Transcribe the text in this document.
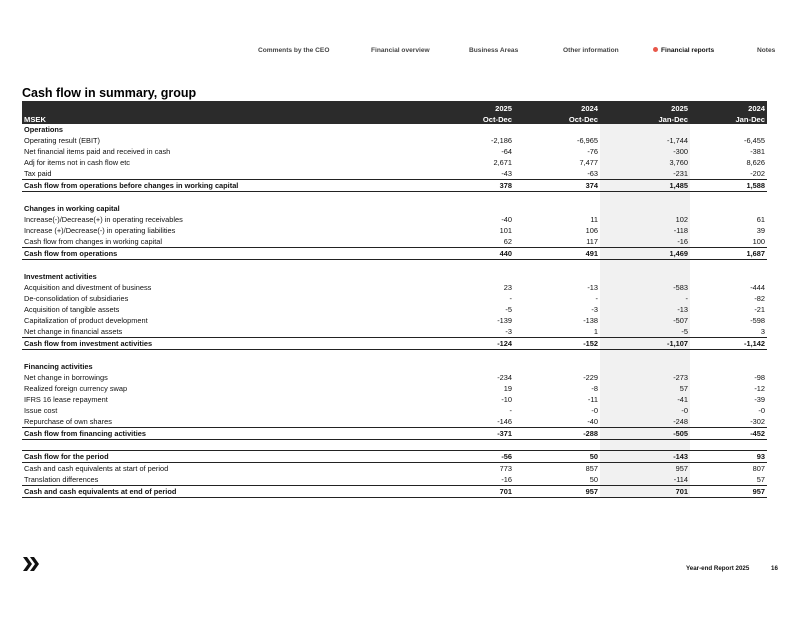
Comments by the CEO	Financial overview	Business Areas	Other information	Financial reports	Notes
Cash flow in summary, group
	2025	2024	2025	2024
MSEK	Oct-Dec	Oct-Dec	Jan-Dec	Jan-Dec
Operations				
Operating result (EBIT)	-2,186	-6,965	-1,744	-6,455
Net financial items paid and received in cash	-64	-76	-300	-381
Adj for items not in cash flow etc	2,671	7,477	3,760	8,626
Tax paid	-43	-63	-231	-202
Cash flow from operations before changes in working capital	378	374	1,485	1,588

Changes in working capital				
Increase(-)/Decrease(+) in operating receivables	-40	11	102	61
Increase (+)/Decrease(-) in operating liabilities	101	106	-118	39
Cash flow from changes in working capital	62	117	-16	100
Cash flow from operations	440	491	1,469	1,687

Investment activities				
Acquisition and divestment of business	23	-13	-583	-444
De-consolidation of subsidiaries	-	-	-	-82
Acquisition of tangible assets	-5	-3	-13	-21
Capitalization of product development	-139	-138	-507	-598
Net change in financial assets	-3	1	-5	3
Cash flow from investment activities	-124	-152	-1,107	-1,142

Financing activities				
Net change in borrowings	-234	-229	-273	-98
Realized foreign currency swap	19	-8	57	-12
IFRS 16 lease repayment	-10	-11	-41	-39
Issue cost	-	-0	-0	-0
Repurchase of own shares	-146	-40	-248	-302
Cash flow from financing activities	-371	-288	-505	-452

Cash flow for the period	-56	50	-143	93
Cash and cash equivalents at start of period	773	857	957	807
Translation differences	-16	50	-114	57
Cash and cash equivalents at end of period	701	957	701	957
Year-end Report 2025	16
